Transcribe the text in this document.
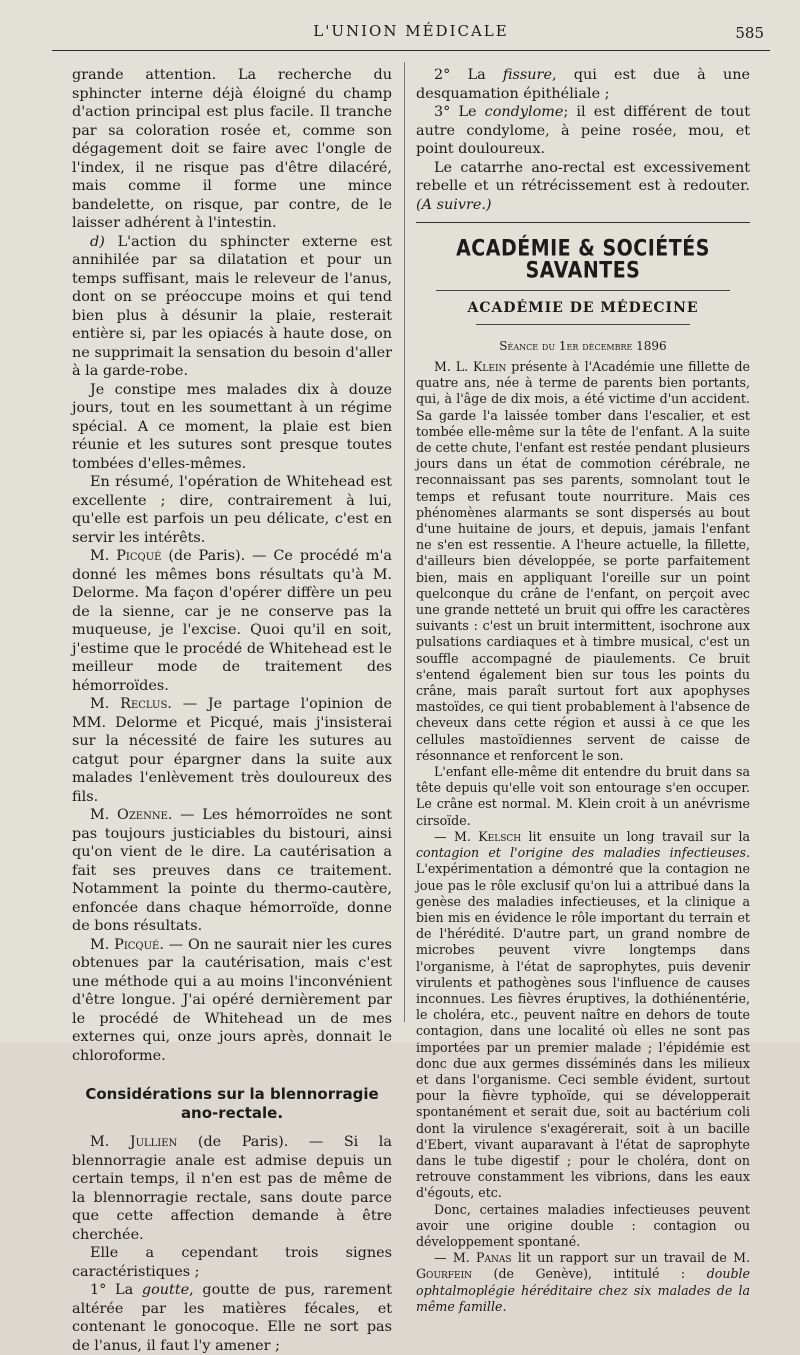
L'UNION MÉDICALE	585

grande attention. La recherche du sphincter interne déjà éloigné du champ d'action principal est plus facile. Il tranche par sa coloration rosée et, comme son dégagement doit se faire avec l'ongle de l'index, il ne risque pas d'être dilacéré, mais comme il forme une mince bandelette, on risque, par contre, de le laisser adhérent à l'intestin.

d) L'action du sphincter externe est annihilée par sa dilatation et pour un temps suffisant, mais le releveur de l'anus, dont on se préoccupe moins et qui tend bien plus à désunir la plaie, resterait entière si, par les opiacés à haute dose, on ne supprimait la sensation du besoin d'aller à la garde-robe.

Je constipe mes malades dix à douze jours, tout en les soumettant à un régime spécial. A ce moment, la plaie est bien réunie et les sutures sont presque toutes tombées d'elles-mêmes.

En résumé, l'opération de Whitehead est excellente ; dire, contrairement à lui, qu'elle est parfois un peu délicate, c'est en servir les intérêts.

M. Picqué (de Paris). — Ce procédé m'a donné les mêmes bons résultats qu'à M. Delorme. Ma façon d'opérer diffère un peu de la sienne, car je ne conserve pas la muqueuse, je l'excise. Quoi qu'il en soit, j'estime que le procédé de Whitehead est le meilleur mode de traitement des hémorroïdes.

M. Reclus. — Je partage l'opinion de MM. Delorme et Picqué, mais j'insisterai sur la nécessité de faire les sutures au catgut pour épargner dans la suite aux malades l'enlèvement très douloureux des fils.

M. Ozenne. — Les hémorroïdes ne sont pas toujours justiciables du bistouri, ainsi qu'on vient de le dire. La cautérisation a fait ses preuves dans ce traitement. Notamment la pointe du thermo-cautère, enfoncée dans chaque hémorroïde, donne de bons résultats.

M. Picqué. — On ne saurait nier les cures obtenues par la cautérisation, mais c'est une méthode qui a au moins l'inconvénient d'être longue. J'ai opéré dernièrement par le procédé de Whitehead un de mes externes qui, onze jours après, donnait le chloroforme.

Considérations sur la blennorragie
ano-rectale.

M. Jullien (de Paris). — Si la blennorragie anale est admise depuis un certain temps, il n'en est pas de même de la blennorragie rectale, sans doute parce que cette affection demande à être cherchée.

Elle a cependant trois signes caractéristiques ;

1° La goutte, goutte de pus, rarement altérée par les matières fécales, et contenant le gonocoque. Elle ne sort pas de l'anus, il faut l'y amener ;

2° La fissure, qui est due à une desquamation épithéliale ;

3° Le condylome; il est différent de tout autre condylome, à peine rosée, mou, et point douloureux.

Le catarrhe ano-rectal est excessivement rebelle et un rétrécissement est à redouter. (A suivre.)

ACADÉMIE & SOCIÉTÉS SAVANTES
ACADÉMIE DE MÉDECINE
Séance du 1er décembre 1896

M. L. Klein présente à l'Académie une fillette de quatre ans, née à terme de parents bien portants, qui, à l'âge de dix mois, a été victime d'un accident. Sa garde l'a laissée tomber dans l'escalier, et est tombée elle-même sur la tête de l'enfant. A la suite de cette chute, l'enfant est restée pendant plusieurs jours dans un état de commotion cérébrale, ne reconnaissant pas ses parents, somnolant tout le temps et refusant toute nourriture. Mais ces phénomènes alarmants se sont dispersés au bout d'une huitaine de jours, et depuis, jamais l'enfant ne s'en est ressentie. A l'heure actuelle, la fillette, d'ailleurs bien développée, se porte parfaitement bien, mais en appliquant l'oreille sur un point quelconque du crâne de l'enfant, on perçoit avec une grande netteté un bruit qui offre les caractères suivants : c'est un bruit intermittent, isochrone aux pulsations cardiaques et à timbre musical, c'est un souffle accompagné de piaulements. Ce bruit s'entend également bien sur tous les points du crâne, mais paraît surtout fort aux apophyses mastoïdes, ce qui tient probablement à l'absence de cheveux dans cette région et aussi à ce que les cellules mastoïdiennes servent de caisse de résonnance et renforcent le son.

L'enfant elle-même dit entendre du bruit dans sa tête depuis qu'elle voit son entourage s'en occuper. Le crâne est normal. M. Klein croit à un anévrisme cirsoïde.

— M. Kelsch lit ensuite un long travail sur la contagion et l'origine des maladies infectieuses. L'expérimentation a démontré que la contagion ne joue pas le rôle exclusif qu'on lui a attribué dans la genèse des maladies infectieuses, et la clinique a bien mis en évidence le rôle important du terrain et de l'hérédité. D'autre part, un grand nombre de microbes peuvent vivre longtemps dans l'organisme, à l'état de saprophytes, puis devenir virulents et pathogènes sous l'influence de causes inconnues. Les fièvres éruptives, la dothiénentérie, le choléra, etc., peuvent naître en dehors de toute contagion, dans une localité où elles ne sont pas importées par un premier malade ; l'épidémie est donc due aux germes disséminés dans les milieux et dans l'organisme. Ceci semble évident, surtout pour la fièvre typhoïde, qui se développerait spontanément et serait due, soit au bactérium coli dont la virulence s'exagérerait, soit à un bacille d'Ebert, vivant auparavant à l'état de saprophyte dans le tube digestif ; pour le choléra, dont on retrouve constamment les vibrions, dans les eaux d'égouts, etc.

Donc, certaines maladies infectieuses peuvent avoir une origine double : contagion ou développement spontané.

— M. Panas lit un rapport sur un travail de M. Gourfein (de Genève), intitulé : double ophtalmoplégie héréditaire chez six malades de la même famille.
